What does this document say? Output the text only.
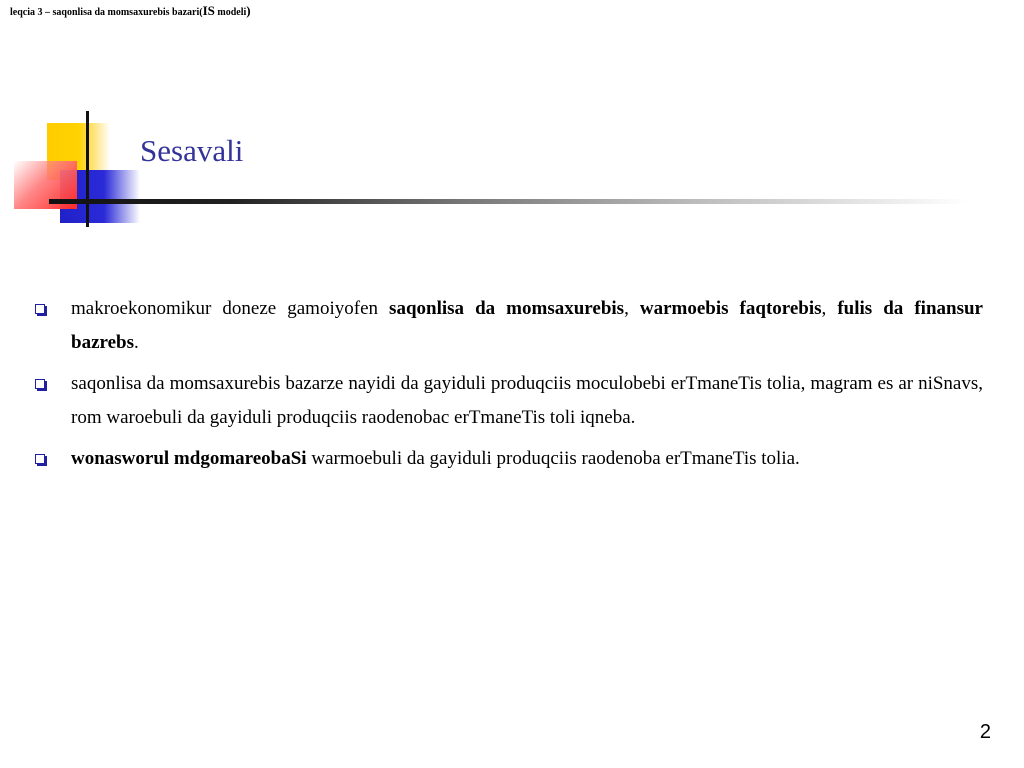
leqcia 3 – saqonlisa da momsaxurebis bazari(IS modeli)
Sesavali
makroekonomikur doneze gamoiyofen saqonlisa da momsaxurebis, warmoebis faqtorebis, fulis da finansur bazrebs.
saqonlisa da momsaxurebis bazarze nayidi da gayiduli produqciis moculobebi erTmaneTis tolia, magram es ar niSnavs, rom waroebuli da gayiduli produqciis raodenobac erTmaneTis toli iqneba.
wonasworul mdgomareobaSi warmoebuli da gayiduli produqciis raodenoba erTmaneTis tolia.
2
